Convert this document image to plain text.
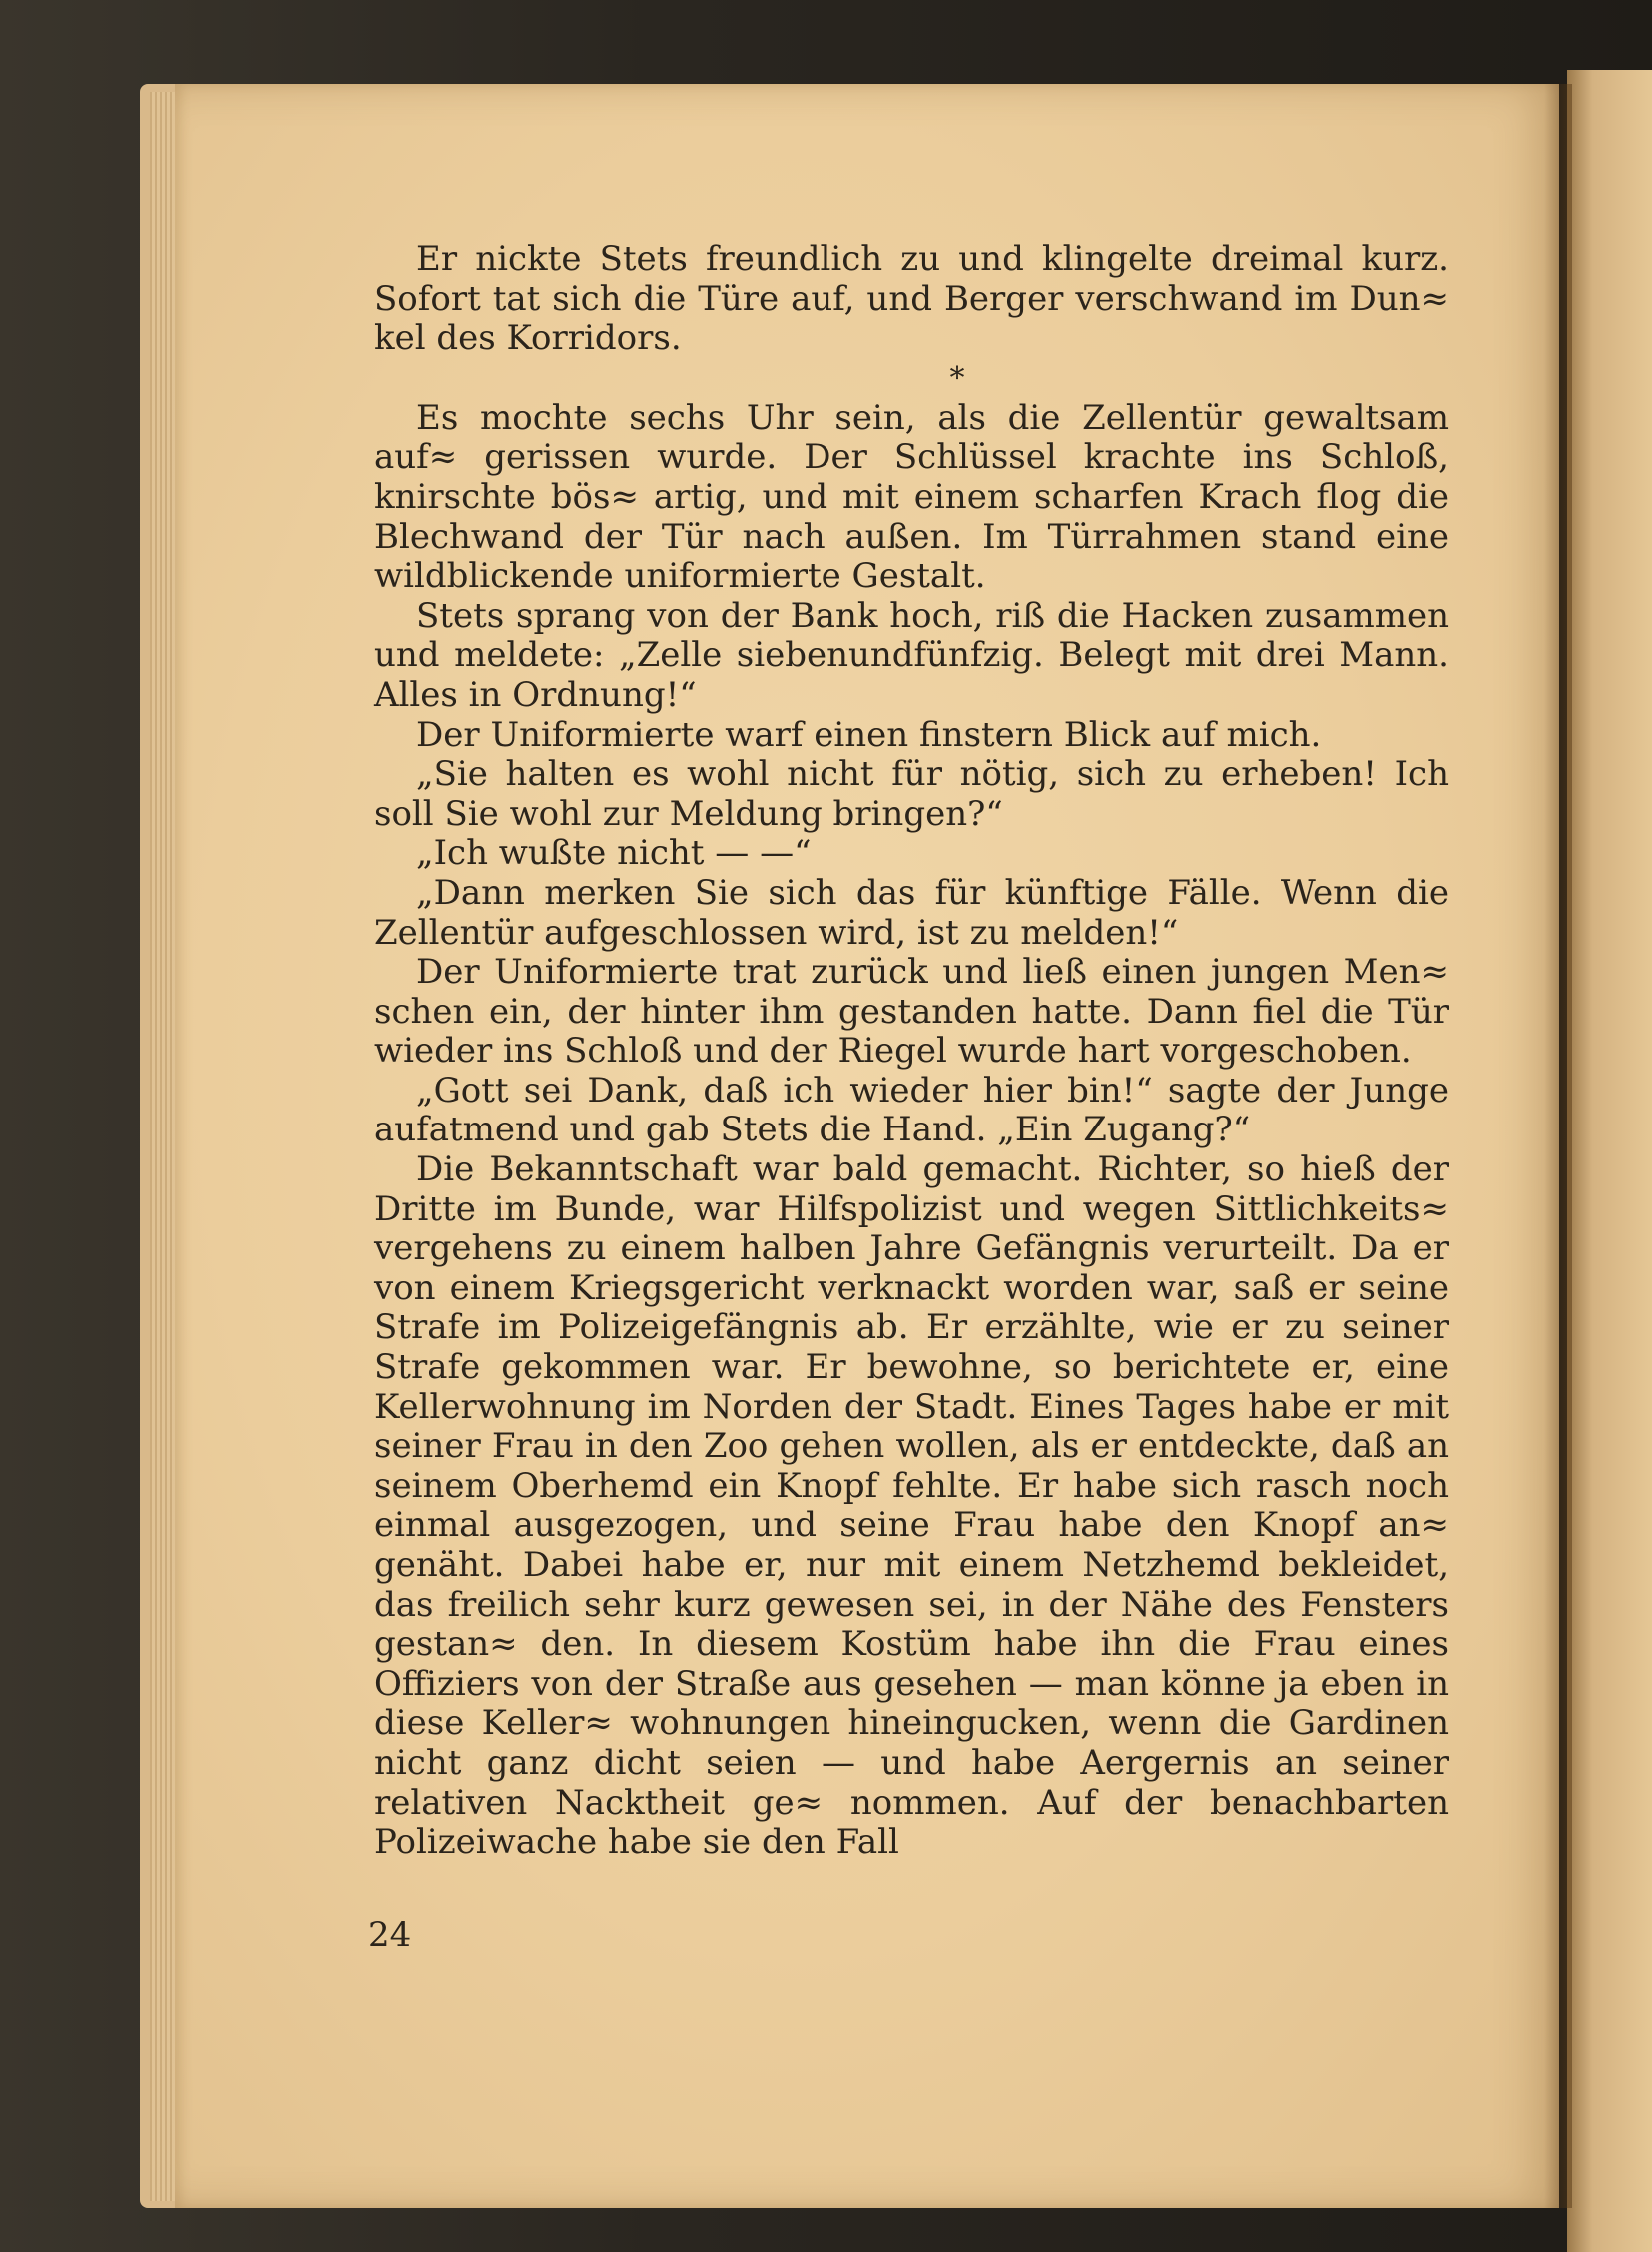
Er nickte Stets freundlich zu und klingelte dreimal kurz. Sofort tat sich die Türe auf, und Berger verschwand im Dun≈ kel des Korridors.

*

Es mochte sechs Uhr sein, als die Zellentür gewaltsam auf≈ gerissen wurde. Der Schlüssel krachte ins Schloß, knirschte bös≈ artig, und mit einem scharfen Krach flog die Blechwand der Tür nach außen. Im Türrahmen stand eine wildblickende uniformierte Gestalt.

Stets sprang von der Bank hoch, riß die Hacken zusammen und meldete: „Zelle siebenundfünfzig. Belegt mit drei Mann. Alles in Ordnung!“

Der Uniformierte warf einen finstern Blick auf mich.

„Sie halten es wohl nicht für nötig, sich zu erheben! Ich soll Sie wohl zur Meldung bringen?“

„Ich wußte nicht — —“

„Dann merken Sie sich das für künftige Fälle. Wenn die Zellentür aufgeschlossen wird, ist zu melden!“

Der Uniformierte trat zurück und ließ einen jungen Men≈ schen ein, der hinter ihm gestanden hatte. Dann fiel die Tür wieder ins Schloß und der Riegel wurde hart vorgeschoben.

„Gott sei Dank, daß ich wieder hier bin!“ sagte der Junge aufatmend und gab Stets die Hand. „Ein Zugang?“

Die Bekanntschaft war bald gemacht. Richter, so hieß der Dritte im Bunde, war Hilfspolizist und wegen Sittlichkeits≈ vergehens zu einem halben Jahre Gefängnis verurteilt. Da er von einem Kriegsgericht verknackt worden war, saß er seine Strafe im Polizeigefängnis ab. Er erzählte, wie er zu seiner Strafe gekommen war. Er bewohne, so berichtete er, eine Kellerwohnung im Norden der Stadt. Eines Tages habe er mit seiner Frau in den Zoo gehen wollen, als er entdeckte, daß an seinem Oberhemd ein Knopf fehlte. Er habe sich rasch noch einmal ausgezogen, und seine Frau habe den Knopf an≈ genäht. Dabei habe er, nur mit einem Netzhemd bekleidet, das freilich sehr kurz gewesen sei, in der Nähe des Fensters gestan≈ den. In diesem Kostüm habe ihn die Frau eines Offiziers von der Straße aus gesehen — man könne ja eben in diese Keller≈ wohnungen hineingucken, wenn die Gardinen nicht ganz dicht seien — und habe Aergernis an seiner relativen Nacktheit ge≈ nommen. Auf der benachbarten Polizeiwache habe sie den Fall

24
